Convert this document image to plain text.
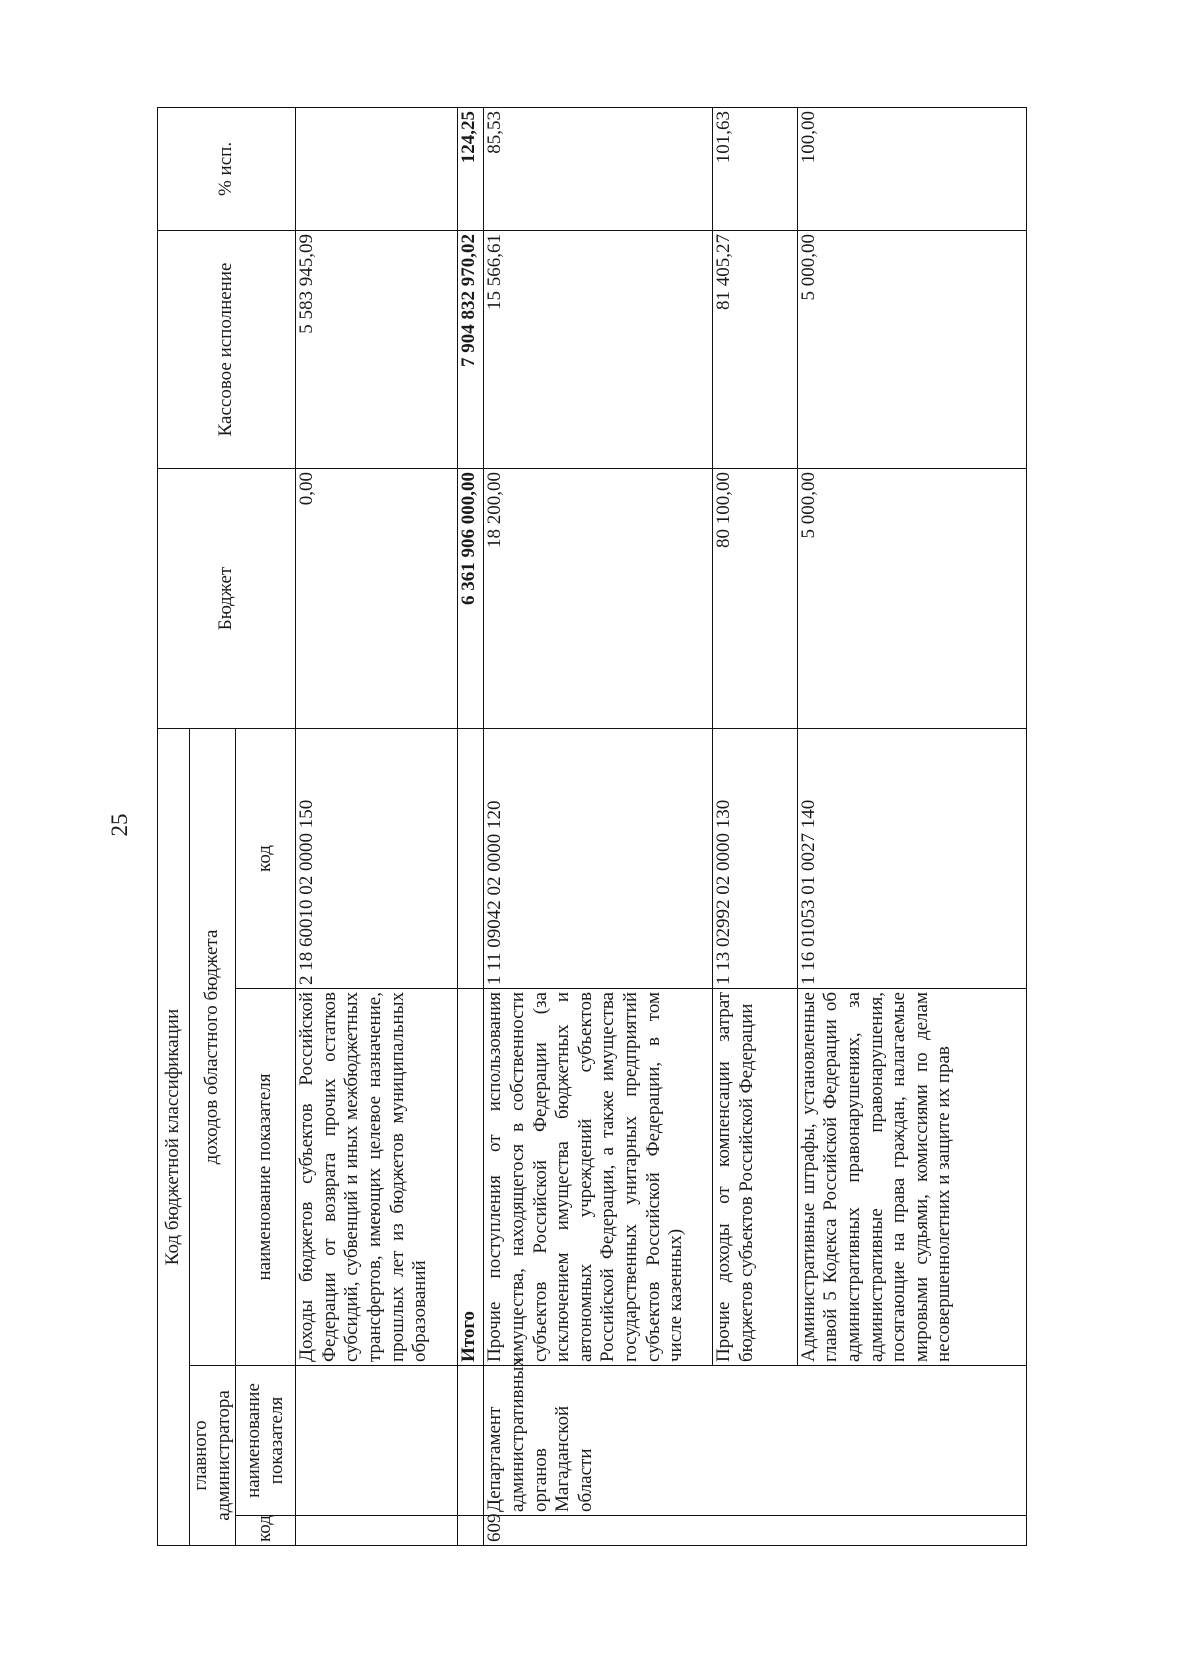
25
Код бюджетной классификации				Бюджет	Кассовое исполнение	% исп.
главного администратора		доходов областного бюджета				
код	наименование показателя	наименование показателя	код			
		Доходы бюджетов субъектов Российской Федерации от возврата прочих остатков субсидий, субвенций и иных межбюджетных трансфертов, имеющих целевое назначение, прошлых лет из бюджетов муниципальных образований	2 18 60010 02 0000 150	0,00	5 583 945,09	
		Итого		6 361 906 000,00	7 904 832 970,02	124,25
609	Департамент административных органов Магаданской области	Прочие поступления от использования имущества, находящегося в собственности субъектов Российской Федерации (за исключением имущества бюджетных и автономных учреждений субъектов Российской Федерации, а также имущества государственных унитарных предприятий субъектов Российской Федерации, в том числе казенных)	1 11 09042 02 0000 120	18 200,00	15 566,61	85,53
		Прочие доходы от компенсации затрат бюджетов субъектов Российской Федерации	1 13 02992 02 0000 130	80 100,00	81 405,27	101,63
		Административные штрафы, установленные главой 5 Кодекса Российской Федерации об административных правонарушениях, за административные правонарушения, посягающие на права граждан, налагаемые мировыми судьями, комиссиями по делам несовершеннолетних и защите их прав	1 16 01053 01 0027 140	5 000,00	5 000,00	100,00
